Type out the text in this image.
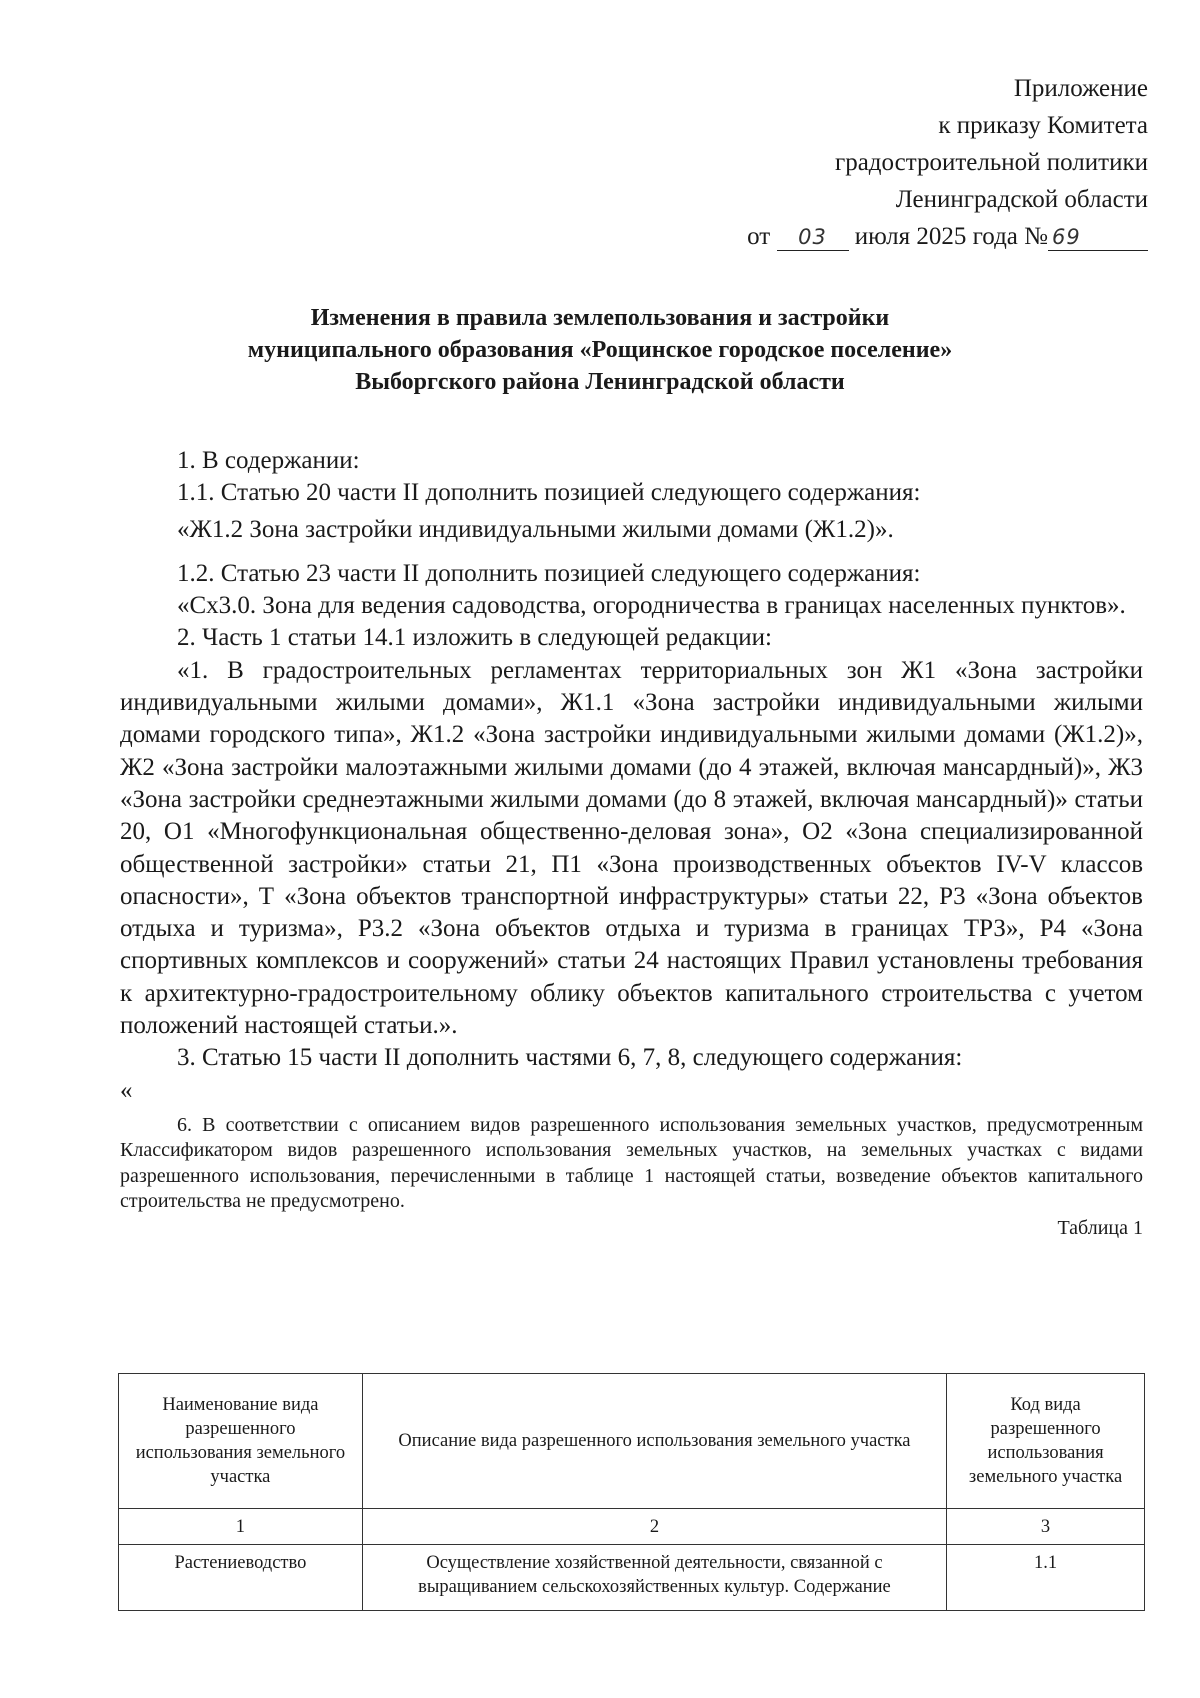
Приложение
к приказу Комитета
градостроительной политики
Ленинградской области
от 03 июля 2025 года № 69
Изменения в правила землепользования и застройки
муниципального образования «Рощинское городское поселение»
Выборгского района Ленинградской области

1. В содержании:

1.1. Статью 20 части II дополнить позицией следующего содержания:

«Ж1.2 Зона застройки индивидуальными жилыми домами (Ж1.2)».

1.2. Статью 23 части II дополнить позицией следующего содержания:

«Сх3.0. Зона для ведения садоводства, огородничества в границах населенных пунктов».

2. Часть 1 статьи 14.1 изложить в следующей редакции:

«1. В градостроительных регламентах территориальных зон Ж1 «Зона застройки индивидуальными жилыми домами», Ж1.1 «Зона застройки индивидуальными жилыми домами городского типа», Ж1.2 «Зона застройки индивидуальными жилыми домами (Ж1.2)», Ж2 «Зона застройки малоэтажными жилыми домами (до 4 этажей, включая мансардный)», Ж3 «Зона застройки среднеэтажными жилыми домами (до 8 этажей, включая мансардный)» статьи 20, О1 «Многофункциональная общественно-деловая зона», О2 «Зона специализированной общественной застройки» статьи 21, П1 «Зона производственных объектов IV-V классов опасности», Т «Зона объектов транспортной инфраструктуры» статьи 22, Р3 «Зона объектов отдыха и туризма», Р3.2 «Зона объектов отдыха и туризма в границах ТРЗ», Р4 «Зона спортивных комплексов и сооружений» статьи 24 настоящих Правил установлены требования к архитектурно-градостроительному облику объектов капитального строительства с учетом положений настоящей статьи.».

3. Статью 15 части II дополнить частями 6, 7, 8, следующего содержания:

«

6. В соответствии с описанием видов разрешенного использования земельных участков, предусмотренным Классификатором видов разрешенного использования земельных участков, на земельных участках с видами разрешенного использования, перечисленными в таблице 1 настоящей статьи, возведение объектов капитального строительства не предусмотрено.

Таблица 1

Наименование вида разрешенного использования земельного участка	Описание вида разрешенного использования земельного участка	Код вида разрешенного использования земельного участка
1	2	3
Растениеводство	Осуществление хозяйственной деятельности, связанной с выращиванием сельскохозяйственных культур. Содержание	1.1
